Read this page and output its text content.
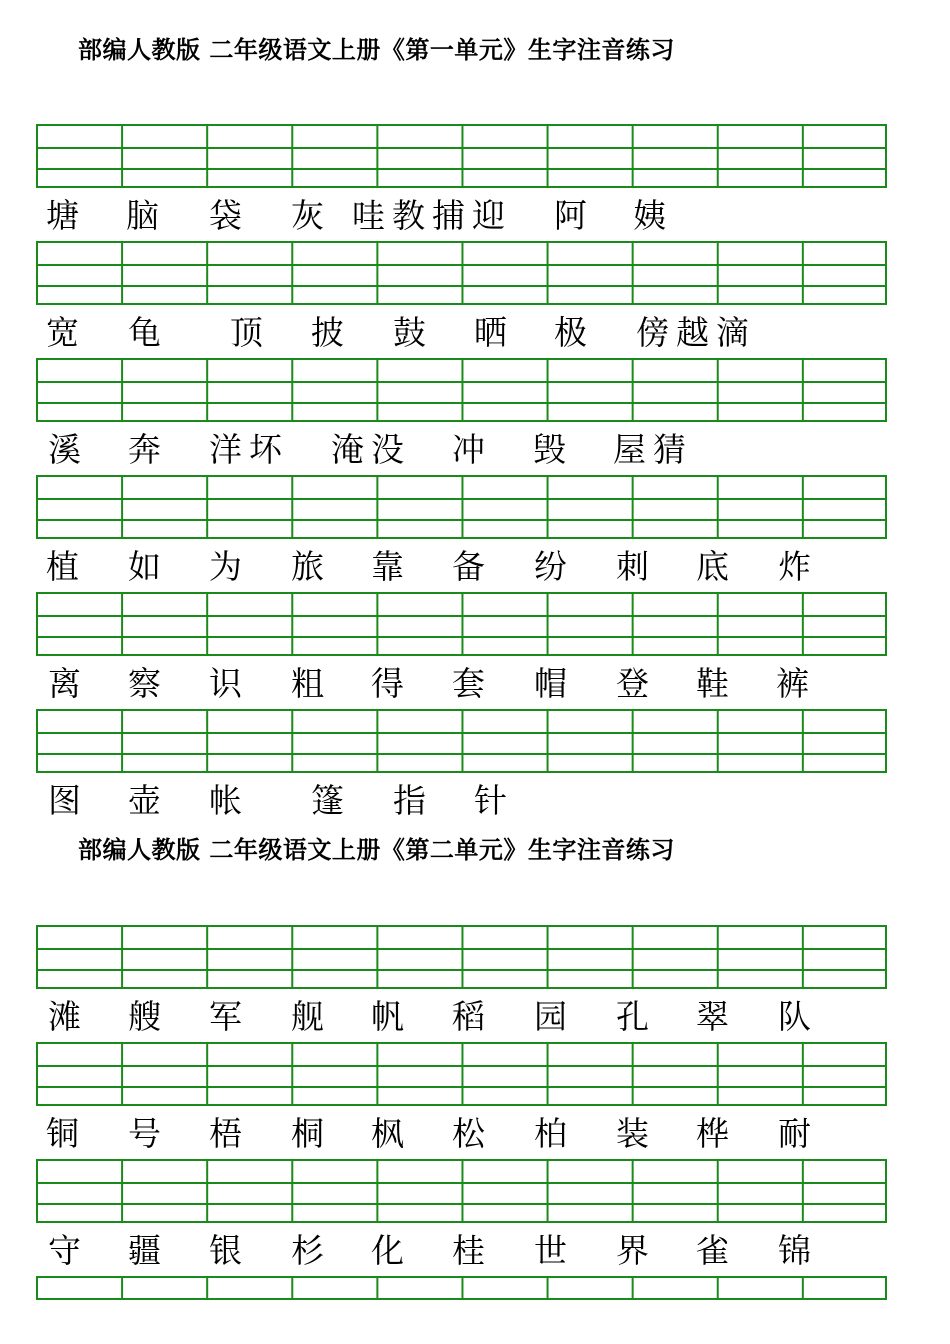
部编人教版 二年级语文上册《第一单元》生字注音练习
塘 脑 袋 灰 哇 教 捕 迎 阿 姨
宽 龟 顶 披 鼓 晒 极 傍 越 滴
溪 奔 洋 坏 淹 没 冲 毁 屋 猜
植 如 为 旅 靠 备 纷 刺 底 炸
离 察 识 粗 得 套 帽 登 鞋 裤
图 壶 帐 篷 指 针
部编人教版 二年级语文上册《第二单元》生字注音练习
滩 艘 军 舰 帆 稻 园 孔 翠 队
铜 号 梧 桐 枫 松 柏 装 桦 耐
守 疆 银 杉 化 桂 世 界 雀 锦
